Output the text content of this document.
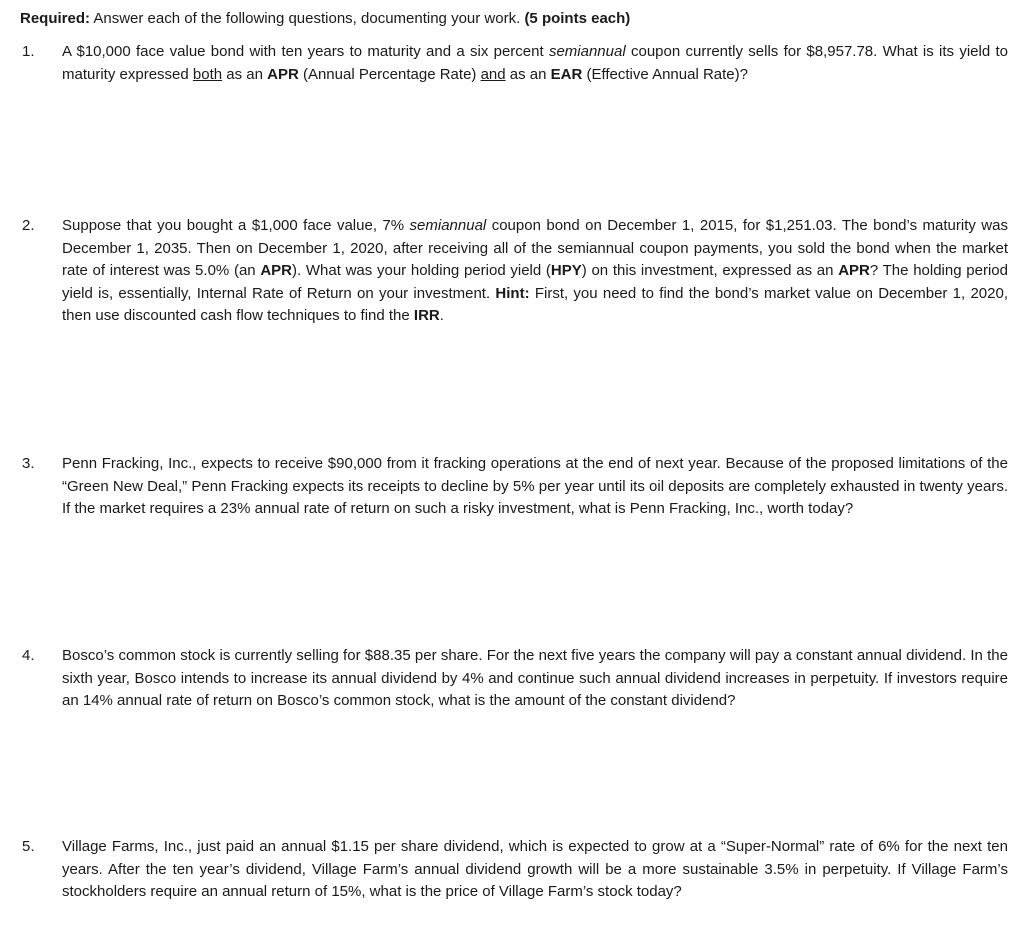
Required: Answer each of the following questions, documenting your work. (5 points each)
1.	A $10,000 face value bond with ten years to maturity and a six percent semiannual coupon currently sells for $8,957.78. What is its yield to maturity expressed both as an APR (Annual Percentage Rate) and as an EAR (Effective Annual Rate)?
2.	Suppose that you bought a $1,000 face value, 7% semiannual coupon bond on December 1, 2015, for $1,251.03. The bond’s maturity was December 1, 2035. Then on December 1, 2020, after receiving all of the semiannual coupon payments, you sold the bond when the market rate of interest was 5.0% (an APR). What was your holding period yield (HPY) on this investment, expressed as an APR? The holding period yield is, essentially, Internal Rate of Return on your investment. Hint: First, you need to find the bond’s market value on December 1, 2020, then use discounted cash flow techniques to find the IRR.
3.	Penn Fracking, Inc., expects to receive $90,000 from it fracking operations at the end of next year. Because of the proposed limitations of the “Green New Deal,” Penn Fracking expects its receipts to decline by 5% per year until its oil deposits are completely exhausted in twenty years. If the market requires a 23% annual rate of return on such a risky investment, what is Penn Fracking, Inc., worth today?
4.	Bosco’s common stock is currently selling for $88.35 per share. For the next five years the company will pay a constant annual dividend. In the sixth year, Bosco intends to increase its annual dividend by 4% and continue such annual dividend increases in perpetuity. If investors require an 14% annual rate of return on Bosco’s common stock, what is the amount of the constant dividend?
5.	Village Farms, Inc., just paid an annual $1.15 per share dividend, which is expected to grow at a “Super-Normal” rate of 6% for the next ten years. After the ten year’s dividend, Village Farm’s annual dividend growth will be a more sustainable 3.5% in perpetuity. If Village Farm’s stockholders require an annual return of 15%, what is the price of Village Farm’s stock today?
